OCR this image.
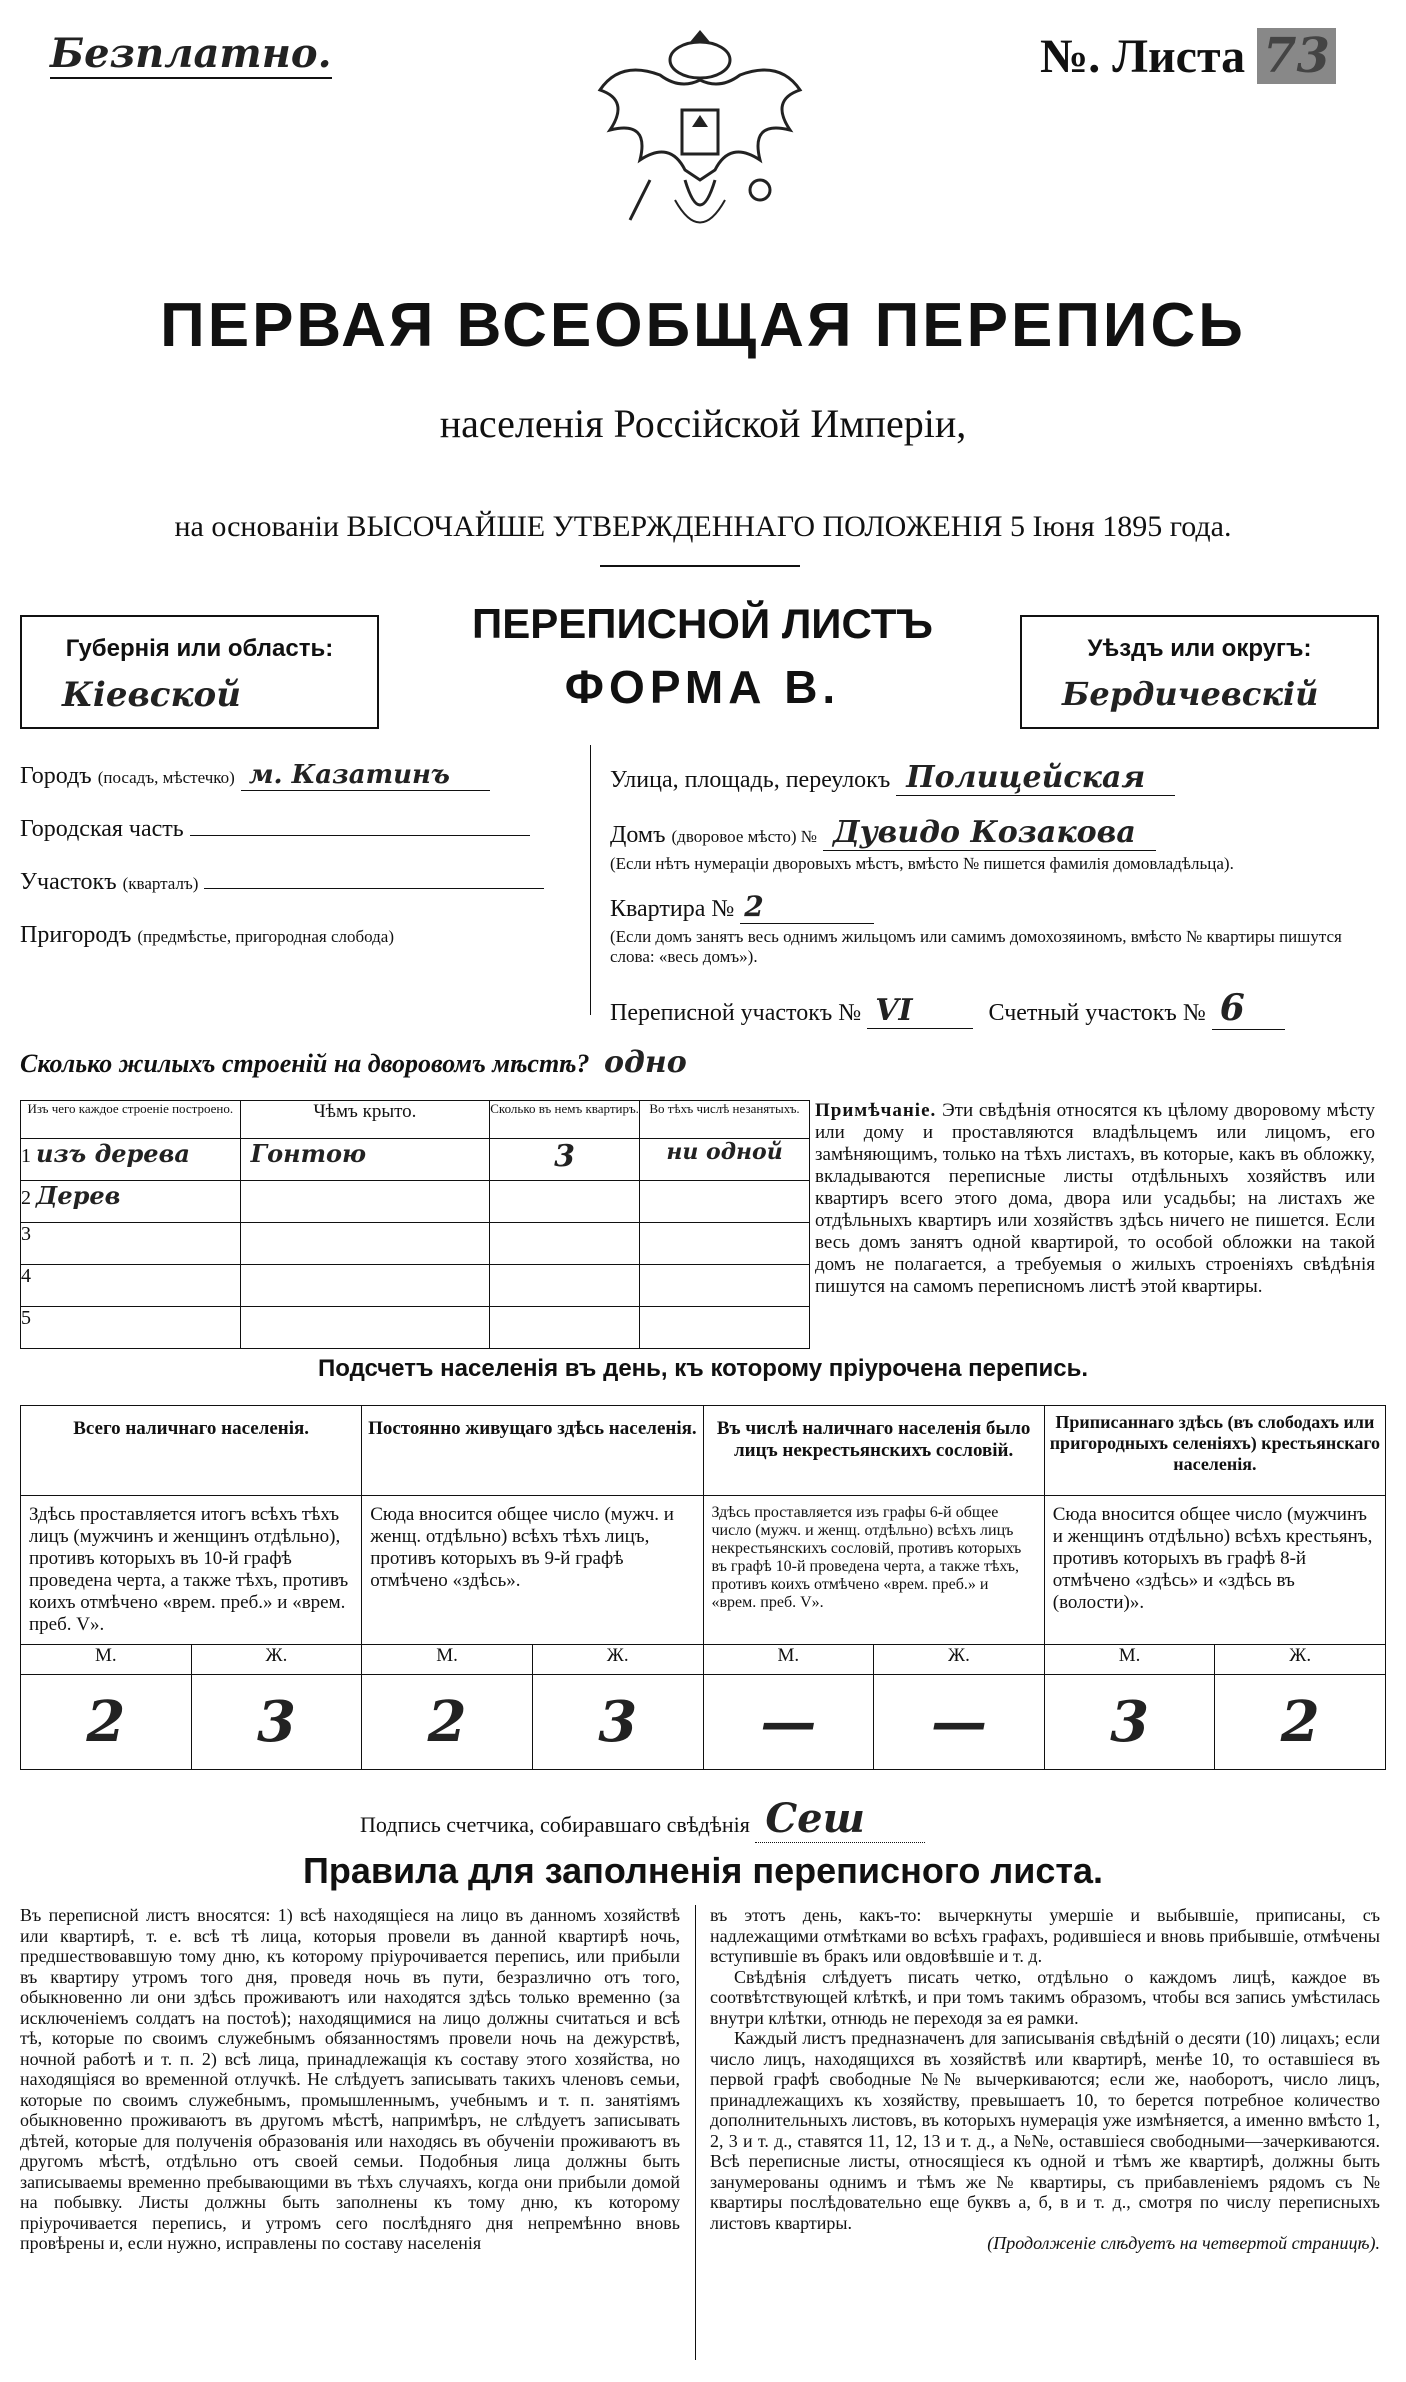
Безплатно.	№. Листа 73
ПЕРВАЯ ВСЕОБЩАЯ ПЕРЕПИСЬ
населенія Россійской Имперіи,
на основаніи ВЫСОЧАЙШЕ УТВЕРЖДЕННАГО ПОЛОЖЕНІЯ 5 Іюня 1895 года.
Губернія или область:
Кіевской
ПЕРЕПИСНОЙ ЛИСТЪ
ФОРМА В.
Уѣздъ или округъ:
Бердичевскій
Городъ (посадъ, мѣстечко) м. Казатинъ
Городская часть
Участокъ (кварталъ)
Пригородъ (предмѣстье, пригородная слобода)
Улица, площадь, переулокъ Полицейская
Домъ (дворовое мѣсто) № Дувидо Козакова
(Если нѣтъ нумераціи дворовыхъ мѣстъ, вмѣсто № пишется фамилія домовладѣльца).
Квартира № 2
(Если домъ занятъ весь однимъ жильцомъ или самимъ домохозяиномъ, вмѣсто № квартиры пишутся слова: «весь домъ»).
Переписной участокъ № VI	Счетный участокъ № 6
Сколько жилыхъ строеній на дворовомъ мѣстѣ? одно
Изъ чего каждое строеніе построено.	Чѣмъ крыто.	Сколько въ немъ квартиръ.	Во тѣхъ числѣ незанятыхъ.
1 изъ дерева	Гонтою	3	ни одной
2 Дерев			
3			
4			
5			
Примѣчаніе. Эти свѣдѣнія относятся къ цѣлому дворовому мѣсту или дому и проставляются владѣльцемъ или лицомъ, его замѣняющимъ, только на тѣхъ листахъ, въ которые, какъ въ обложку, вкладываются переписные листы отдѣльныхъ хозяйствъ или квартиръ всего этого дома, двора или усадьбы; на листахъ же отдѣльныхъ квартиръ или хозяйствъ здѣсь ничего не пишется. Если весь домъ занятъ одной квартирой, то особой обложки на такой домъ не полагается, а требуемыя о жилыхъ строеніяхъ свѣдѣнія пишутся на самомъ переписномъ листѣ этой квартиры.
Подсчетъ населенія въ день, къ которому пріурочена перепись.
Всего наличнаго населенія.		Постоянно живущаго здѣсь населенія.		Въ числѣ наличнаго населенія было лицъ некрестьянскихъ сословій.		Приписаннаго здѣсь (въ слободахъ или пригородныхъ селеніяхъ) крестьянскаго населенія.	
Здѣсь проставляется итогъ всѣхъ тѣхъ лицъ (мужчинъ и женщинъ отдѣльно), противъ которыхъ въ 10-й графѣ проведена черта, а также тѣхъ, противъ коихъ отмѣчено «врем. преб.» и «врем. преб. V».		Сюда вносится общее число (мужч. и женщ. отдѣльно) всѣхъ тѣхъ лицъ, противъ которыхъ въ 9-й графѣ отмѣчено «здѣсь».		Здѣсь проставляется изъ графы 6-й общее число (мужч. и женщ. отдѣльно) всѣхъ лицъ некрестьянскихъ сословій, противъ которыхъ въ графѣ 10-й проведена черта, а также тѣхъ, противъ коихъ отмѣчено «врем. преб.» и «врем. преб. V».		Сюда вносится общее число (мужчинъ и женщинъ отдѣльно) всѣхъ крестьянъ, противъ которыхъ въ графѣ 8-й отмѣчено «здѣсь» и «здѣсь въ (волости)».	
М.	Ж.	М.	Ж.	М.	Ж.	М.	Ж.
2	3	2	3	—	—	3	2
Подпись счетчика, собиравшаго свѣдѣнія Сеш
Правила для заполненія переписного листа.
Въ переписной листъ вносятся: 1) всѣ находящіеся на лицо въ данномъ хозяйствѣ или квартирѣ, т. е. всѣ тѣ лица, которыя провели въ данной квартирѣ ночь, предшествовавшую тому дню, къ которому пріурочивается перепись, или прибыли въ квартиру утромъ того дня, проведя ночь въ пути, безразлично отъ того, обыкновенно ли они здѣсь проживаютъ или находятся здѣсь только временно (за исключеніемъ солдатъ на постоѣ); находящимися на лицо должны считаться и всѣ тѣ, которые по своимъ служебнымъ обязанностямъ провели ночь на дежурствѣ, ночной работѣ и т. п. 2) всѣ лица, принадлежащія къ составу этого хозяйства, но находящіяся во временной отлучкѣ. Не слѣдуетъ записывать такихъ членовъ семьи, которые по своимъ служебнымъ, промышленнымъ, учебнымъ и т. п. занятіямъ обыкновенно проживаютъ въ другомъ мѣстѣ, напримѣръ, не слѣдуетъ записывать дѣтей, которые для полученія образованія или находясь въ обученіи проживаютъ въ другомъ мѣстѣ, отдѣльно отъ своей семьи. Подобныя лица должны быть записываемы временно пребывающими въ тѣхъ случаяхъ, когда они прибыли домой на побывку. Листы должны быть заполнены къ тому дню, къ которому пріурочивается перепись, и утромъ сего послѣдняго дня непремѣнно вновь провѣрены и, если нужно, исправлены по составу населенія
въ этотъ день, какъ-то: вычеркнуты умершіе и выбывшіе, приписаны, съ надлежащими отмѣтками во всѣхъ графахъ, родившіеся и вновь прибывшіе, отмѣчены вступившіе въ бракъ или овдовѣвшіе и т. д.
Свѣдѣнія слѣдуетъ писать четко, отдѣльно о каждомъ лицѣ, каждое въ соотвѣтствующей клѣткѣ, и при томъ такимъ образомъ, чтобы вся запись умѣстилась внутри клѣтки, отнюдь не переходя за ея рамки.
Каждый листъ предназначенъ для записыванія свѣдѣній о десяти (10) лицахъ; если число лицъ, находящихся въ хозяйствѣ или квартирѣ, менѣе 10, то оставшіеся въ первой графѣ свободные №№ вычеркиваются; если же, наоборотъ, число лицъ, принадлежащихъ къ хозяйству, превышаетъ 10, то берется потребное количество дополнительныхъ листовъ, въ которыхъ нумерація уже измѣняется, а именно вмѣсто 1, 2, 3 и т. д., ставятся 11, 12, 13 и т. д., а №№, оставшіеся свободными—зачеркиваются. Всѣ переписные листы, относящіеся къ одной и тѣмъ же квартирѣ, должны быть занумерованы однимъ и тѣмъ же № квартиры, съ прибавленіемъ рядомъ съ № квартиры послѣдовательно еще буквъ а, б, в и т. д., смотря по числу переписныхъ листовъ квартиры.
(Продолженіе слѣдуетъ на четвертой страницѣ).
